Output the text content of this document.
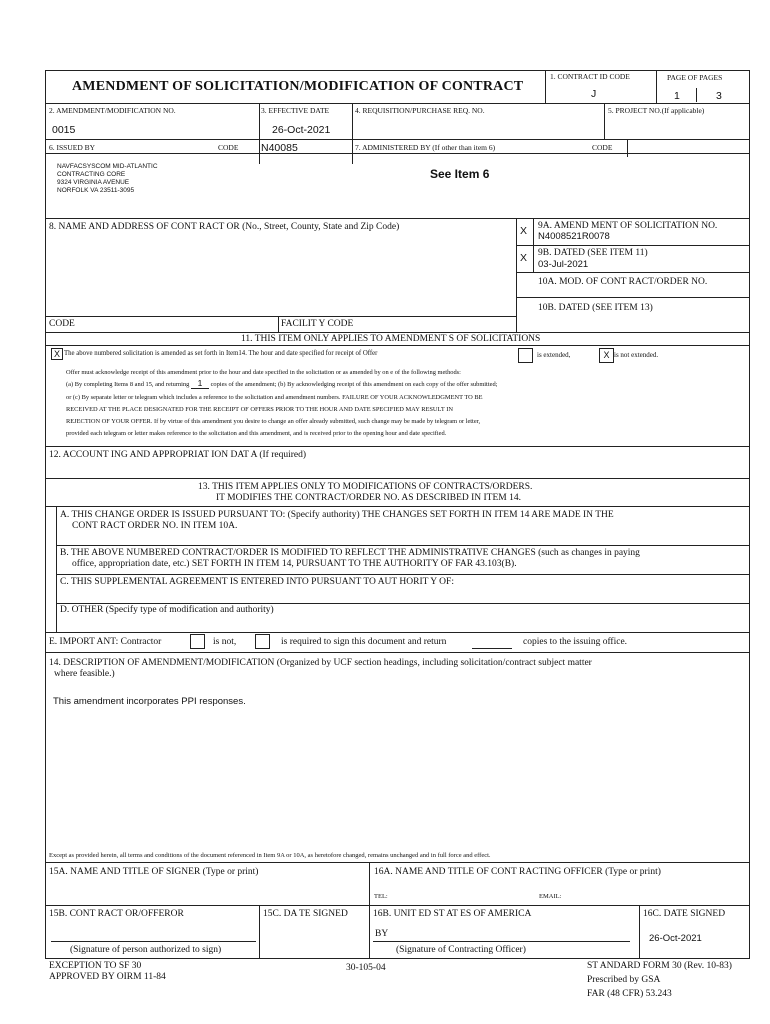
AMENDMENT OF SOLICITATION/MODIFICATION OF CONTRACT
1. CONTRACT ID CODE
J
PAGE OF PAGES
1	3
2. AMENDMENT/MODIFICATION NO.
0015
3. EFFECTIVE DATE
26-Oct-2021
4. REQUISITION/PURCHASE REQ. NO.	5. PROJECT NO.(If applicable)
6. ISSUED BY	CODE N40085	7. ADMINISTERED BY (If other than item 6)	CODE
NAVFACSYSCOM MID-ATLANTIC
CONTRACTING CORE
9324 VIRGINIA AVENUE
NORFOLK VA 23511-3095
See Item 6
8. NAME AND ADDRESS OF CONT RACT OR (No., Street, County, State and Zip Code)	X 9A. AMEND MENT OF SOLICITATION NO.
N4008521R0078
X 9B. DATED (SEE ITEM 11)
03-Jul-2021
10A. MOD. OF CONT RACT/ORDER NO.
10B. DATED (SEE ITEM 13)
CODE	FACILIT Y CODE
11. THIS ITEM ONLY APPLIES TO AMENDMENT S OF SOLICITATIONS
X The above numbered solicitation is amended as set forth in Item14. The hour and date specified for receipt of Offer	is extended,	X is not extended.
Offer must acknowledge receipt of this amendment prior to the hour and date specified in the solicitation or as amended by on e of the following methods:
(a) By completing Items 8 and 15, and returning 1 copies of the amendment; (b) By acknowledging receipt of this amendment on each copy of the offer submitted;
or (c) By separate letter or telegram which includes a reference to the solicitation and amendment numbers. FAILURE OF YOUR ACKNOWLEDGMENT TO BE
RECEIVED AT THE PLACE DESIGNATED FOR THE RECEIPT OF OFFERS PRIOR TO THE HOUR AND DATE SPECIFIED MAY RESULT IN
REJECTION OF YOUR OFFER. If by virtue of this amendment you desire to change an offer already submitted, such change may be made by telegram or letter,
provided each telegram or letter makes reference to the solicitation and this amendment, and is received prior to the opening hour and date specified.
12. ACCOUNT ING AND APPROPRIAT ION DAT A (If required)
13. THIS ITEM APPLIES ONLY TO MODIFICATIONS OF CONTRACTS/ORDERS.
IT MODIFIES THE CONTRACT/ORDER NO. AS DESCRIBED IN ITEM 14.
A. THIS CHANGE ORDER IS ISSUED PURSUANT TO: (Specify authority) THE CHANGES SET FORTH IN ITEM 14 ARE MADE IN THE
CONT RACT ORDER NO. IN ITEM 10A.
B. THE ABOVE NUMBERED CONTRACT/ORDER IS MODIFIED TO REFLECT THE ADMINISTRATIVE CHANGES (such as changes in paying
office, appropriation date, etc.) SET FORTH IN ITEM 14, PURSUANT TO THE AUTHORITY OF FAR 43.103(B).
C. THIS SUPPLEMENTAL AGREEMENT IS ENTERED INTO PURSUANT TO AUT HORIT Y OF:
D. OTHER (Specify type of modification and authority)
E. IMPORT ANT: Contractor	is not,	is required to sign this document and return	copies to the issuing office.
14. DESCRIPTION OF AMENDMENT/MODIFICATION (Organized by UCF section headings, including solicitation/contract subject matter
where feasible.)
This amendment incorporates PPI responses.
Except as provided herein, all terms and conditions of the document referenced in Item 9A or 10A, as heretofore changed, remains unchanged and in full force and effect.
15A. NAME AND TITLE OF SIGNER (Type or print)	16A. NAME AND TITLE OF CONT RACTING OFFICER (Type or print)
TEL:	EMAIL:
15B. CONT RACT OR/OFFEROR	15C. DA TE SIGNED	16B. UNIT ED ST AT ES OF AMERICA	16C. DATE SIGNED
(Signature of person authorized to sign)
BY
(Signature of Contracting Officer)
26-Oct-2021
EXCEPTION TO SF 30
APPROVED BY OIRM 11-84
30-105-04	ST ANDARD FORM 30 (Rev. 10-83)
Prescribed by GSA
FAR (48 CFR) 53.243
